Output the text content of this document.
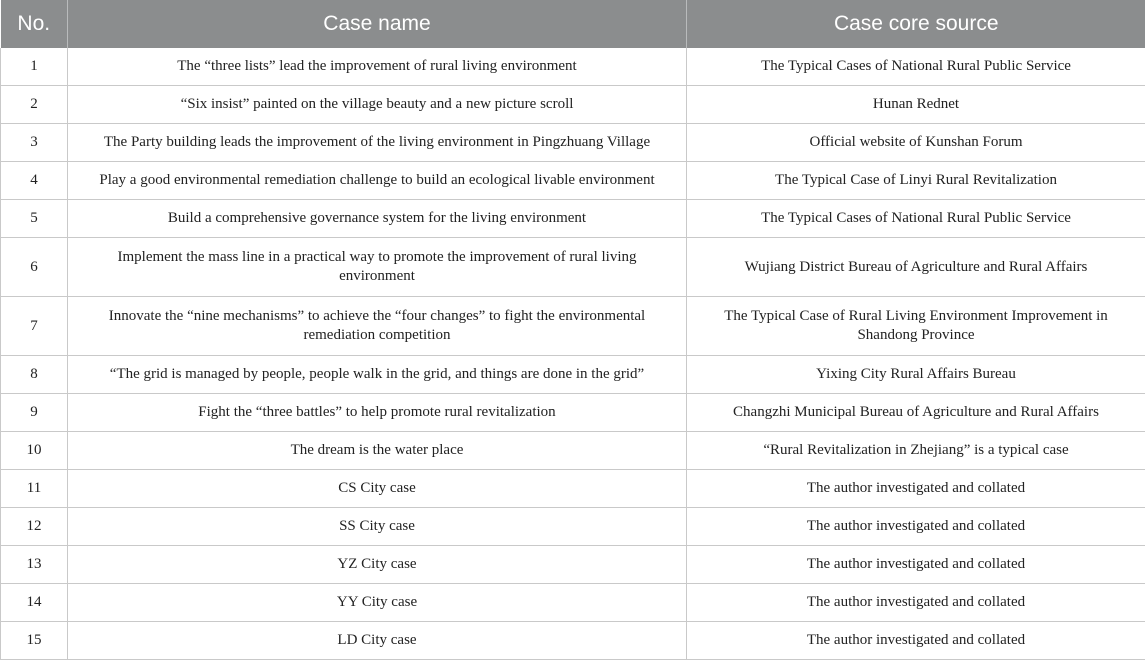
No.	Case name	Case core source
1	The “three lists” lead the improvement of rural living environment	The Typical Cases of National Rural Public Service
2	“Six insist” painted on the village beauty and a new picture scroll	Hunan Rednet
3	The Party building leads the improvement of the living environment in Pingzhuang Village	Official website of Kunshan Forum
4	Play a good environmental remediation challenge to build an ecological livable environment	The Typical Case of Linyi Rural Revitalization
5	Build a comprehensive governance system for the living environment	The Typical Cases of National Rural Public Service
6	Implement the mass line in a practical way to promote the improvement of rural living environment	Wujiang District Bureau of Agriculture and Rural Affairs
7	Innovate the “nine mechanisms” to achieve the “four changes” to fight the environmental remediation competition	The Typical Case of Rural Living Environment Improvement in Shandong Province
8	“The grid is managed by people, people walk in the grid, and things are done in the grid”	Yixing City Rural Affairs Bureau
9	Fight the “three battles” to help promote rural revitalization	Changzhi Municipal Bureau of Agriculture and Rural Affairs
10	The dream is the water place	“Rural Revitalization in Zhejiang” is a typical case
11	CS City case	The author investigated and collated
12	SS City case	The author investigated and collated
13	YZ City case	The author investigated and collated
14	YY City case	The author investigated and collated
15	LD City case	The author investigated and collated
